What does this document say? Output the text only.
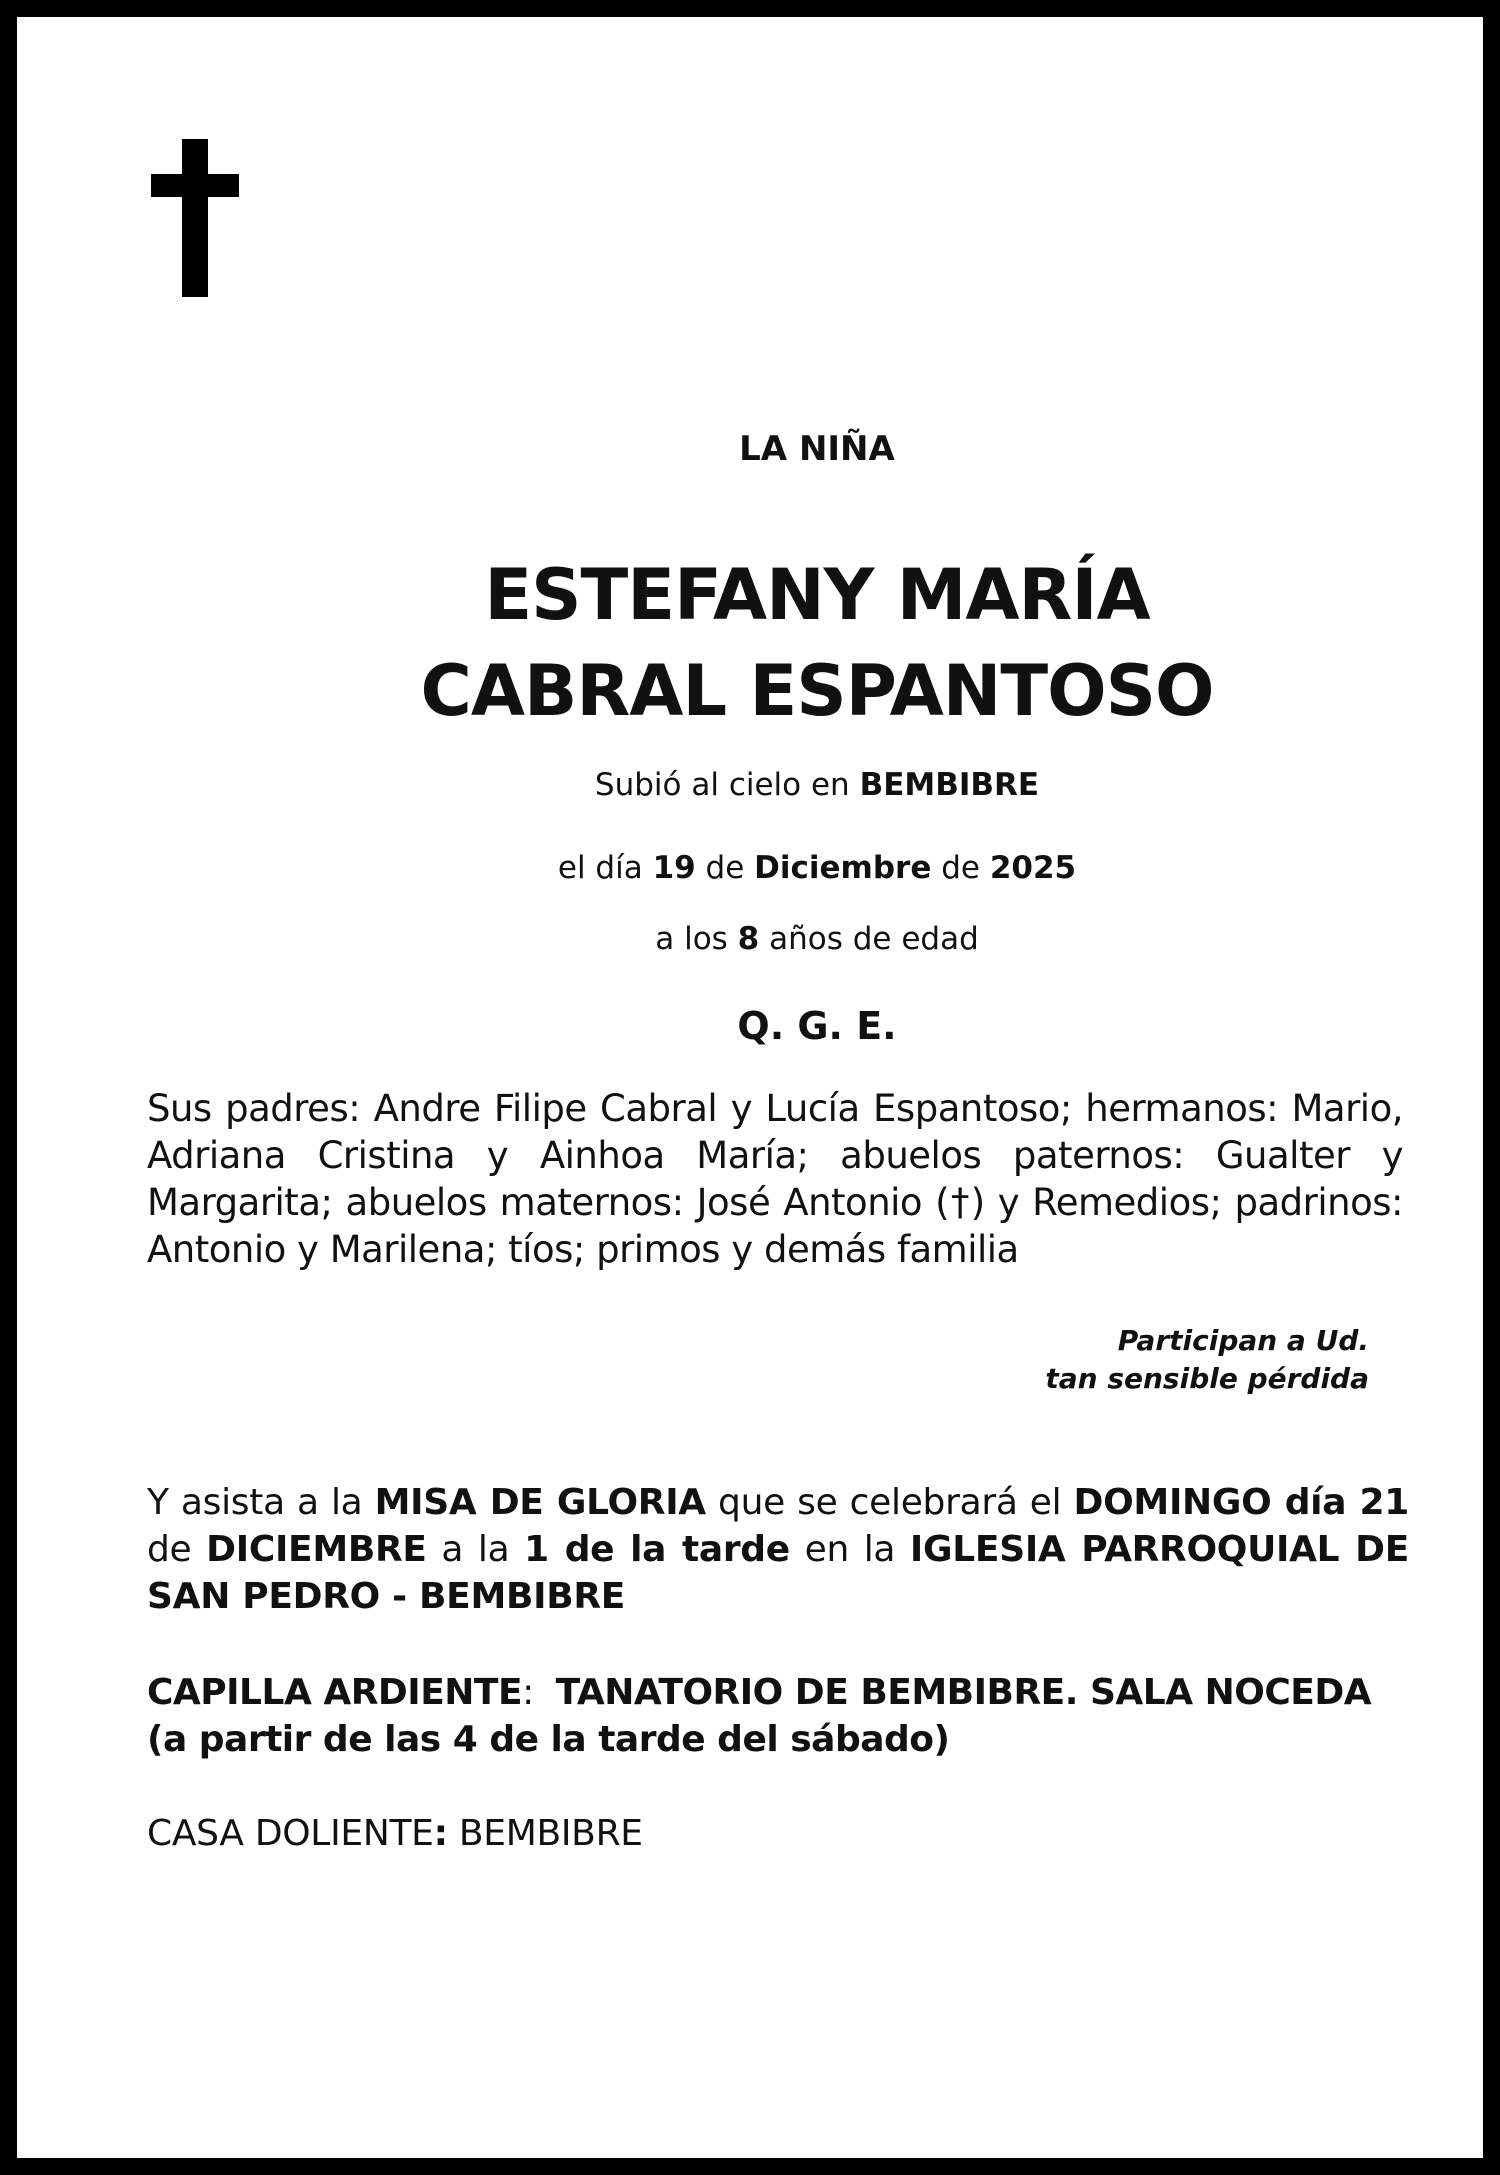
LA NIÑA
ESTEFANY MARÍA
CABRAL ESPANTOSO
Subió al cielo en BEMBIBRE
el día 19 de Diciembre de 2025
a los 8 años de edad
Q. G. E.
Sus padres: Andre Filipe Cabral y Lucía Espantoso; hermanos: Mario, Adriana Cristina y Ainhoa María; abuelos paternos: Gualter y Margarita; abuelos maternos: José Antonio (†) y Remedios; padrinos: Antonio y Marilena; tíos; primos y demás familia
Participan a Ud.
tan sensible pérdida
Y asista a la MISA DE GLORIA que se celebrará el DOMINGO día 21 de DICIEMBRE a la 1 de la tarde en la IGLESIA PARROQUIAL DE SAN PEDRO - BEMBIBRE
CAPILLA ARDIENTE:  TANATORIO DE BEMBIBRE. SALA NOCEDA (a partir de las 4 de la tarde del sábado)
CASA DOLIENTE: BEMBIBRE
